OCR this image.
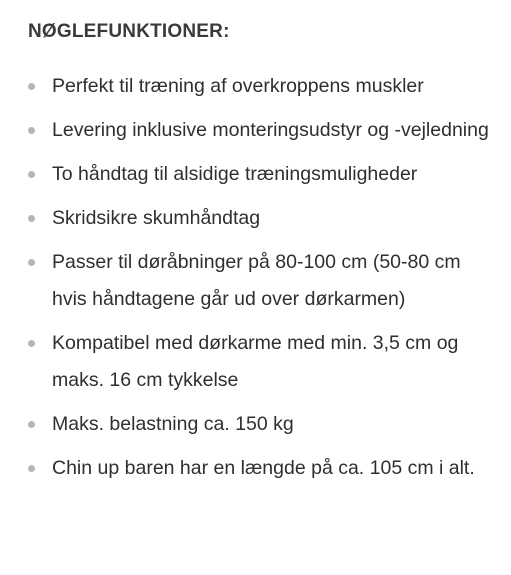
NØGLEFUNKTIONER:
Perfekt til træning af overkroppens muskler
Levering inklusive monteringsudstyr og -vejledning
To håndtag til alsidige træningsmuligheder
Skridsikre skumhåndtag
Passer til døråbninger på 80-100 cm (50-80 cm hvis håndtagene går ud over dørkarmen)
Kompatibel med dørkarme med min. 3,5 cm og maks. 16 cm tykkelse
Maks. belastning ca. 150 kg
Chin up baren har en længde på ca. 105 cm i alt.
